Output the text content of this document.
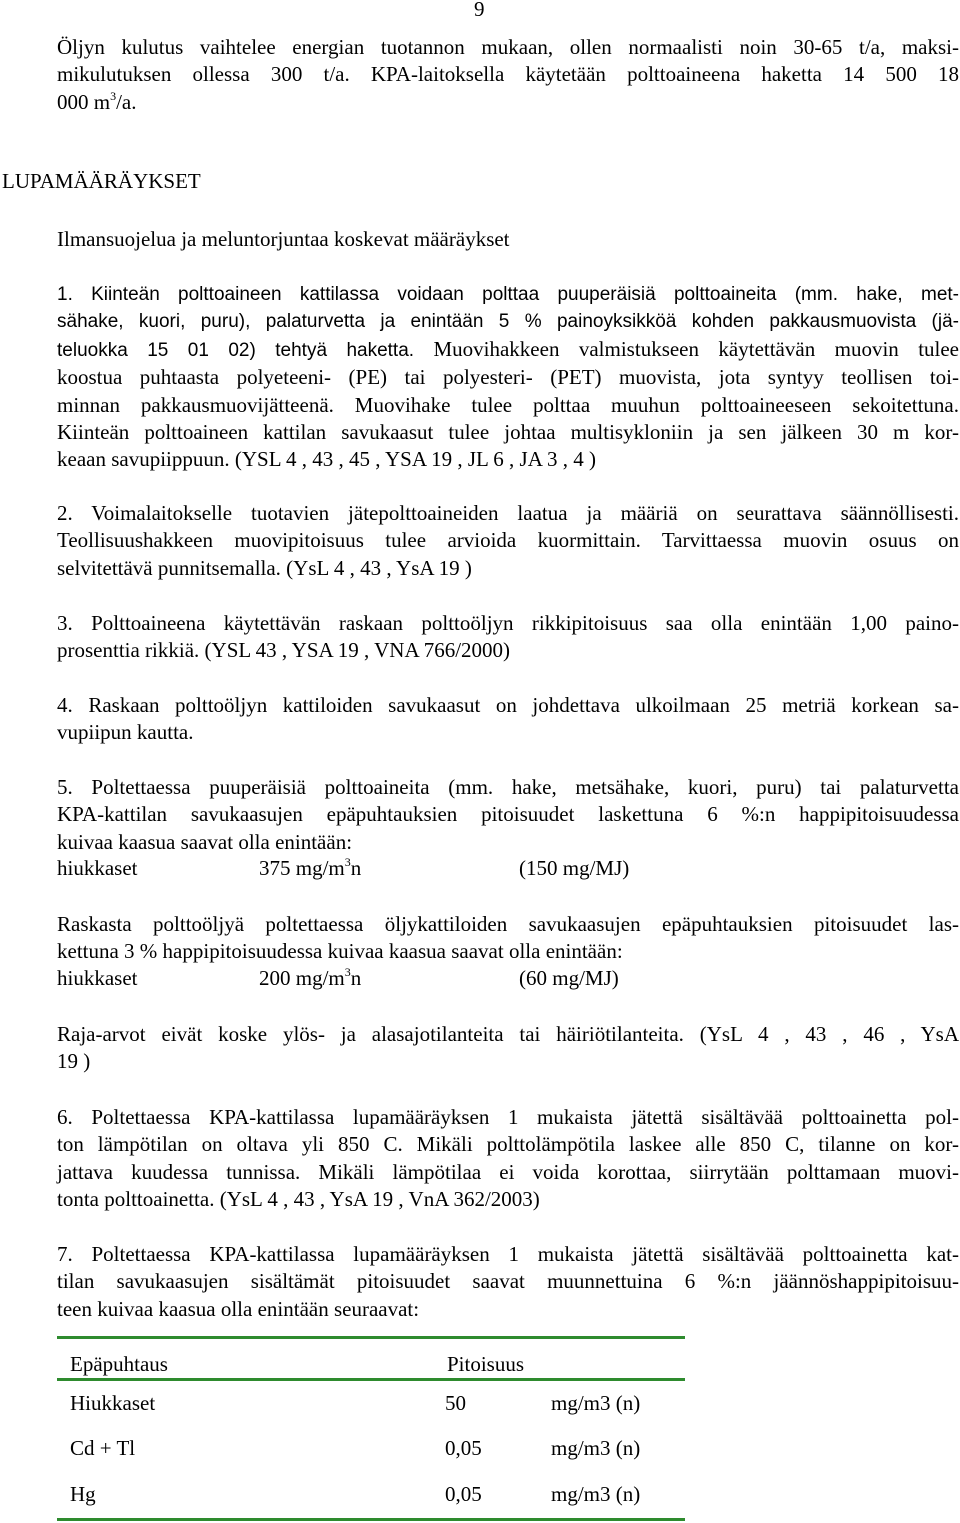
9
Öljyn kulutus vaihtelee energian tuotannon mukaan, ollen normaalisti noin 30-65 t/a, maksi-
mikulutuksen ollessa 300 t/a. KPA-laitoksella käytetään polttoaineena haketta 14 500 18
000 $m^3/a$.
LUPAMÄÄRÄYKSET
Ilmansuojelua ja meluntorjuntaa koskevat määräykset
1. Kiinteän polttoaineen kattilassa voidaan polttaa puuperäisiä polttoaineita (mm. hake, met-
sähake, kuori, puru), palaturvetta ja enintään 5 % painoyksikköä kohden pakkausmuovista (jä-
teluokka 15 01 02) tehtyä haketta. Muovihakkeen valmistukseen käytettävän muovin tulee
koostua puhtaasta polyeteeni- (PE) tai polyesteri- (PET) muovista, jota syntyy teollisen toi-
minnan pakkausmuovijätteenä. Muovihake tulee polttaa muuhun polttoaineeseen sekoitettuna.
Kiinteän polttoaineen kattilan savukaasut tulee johtaa multisykloniin ja sen jälkeen 30 m kor-
keaan savupiippuun. (YSL 4 , 43 , 45 , YSA 19 , JL 6 , JA 3 , 4 )
2. Voimalaitokselle tuotavien jätepolttoaineiden laatua ja määriä on seurattava säännöllisesti.
Teollisuushakkeen muovipitoisuus tulee arvioida kuormittain. Tarvittaessa muovin osuus on
selvitettävä punnitsemalla. (YsL 4 , 43 , YsA 19 )
3. Polttoaineena käytettävän raskaan polttoöljyn rikkipitoisuus saa olla enintään 1,00 paino-
prosenttia rikkiä. (YSL 43 , YSA 19 , VNA 766/2000)
4. Raskaan polttoöljyn kattiloiden savukaasut on johdettava ulkoilmaan 25 metriä korkean sa-
vupiipun kautta.
5. Poltettaessa puuperäisiä polttoaineita (mm. hake, metsähake, kuori, puru) tai palaturvetta
KPA-kattilan savukaasujen epäpuhtauksien pitoisuudet laskettuna 6 %:n happipitoisuudessa
kuivaa kaasua saavat olla enintään:
hiukkaset	375 $mg/m^3n$	(150 mg/MJ)
Raskasta polttoöljyä poltettaessa öljykattiloiden savukaasujen epäpuhtauksien pitoisuudet las-
kettuna 3 % happipitoisuudessa kuivaa kaasua saavat olla enintään:
hiukkaset	200 $mg/m^3n$	(60 mg/MJ)
Raja-arvot eivät koske ylös- ja alasajotilanteita tai häiriötilanteita. (YsL 4 , 43 , 46 , YsA
19 )
6. Poltettaessa KPA-kattilassa lupamääräyksen 1 mukaista jätettä sisältävää polttoainetta pol-
ton lämpötilan on oltava yli 850 C. Mikäli polttolämpötila laskee alle 850 C, tilanne on kor-
jattava kuudessa tunnissa. Mikäli lämpötilaa ei voida korottaa, siirrytään polttamaan muovi-
tonta polttoainetta. (YsL 4 , 43 , YsA 19 , VnA 362/2003)
7. Poltettaessa KPA-kattilassa lupamääräyksen 1 mukaista jätettä sisältävää polttoainetta kat-
tilan savukaasujen sisältämät pitoisuudet saavat muunnettuina 6 %:n jäännöshappipitoisuu-
teen kuivaa kaasua olla enintään seuraavat:
Epäpuhtaus	Pitoisuus
Hiukkaset	50	mg/m3 (n)
Cd + Tl	0,05	mg/m3 (n)
Hg	0,05	mg/m3 (n)
